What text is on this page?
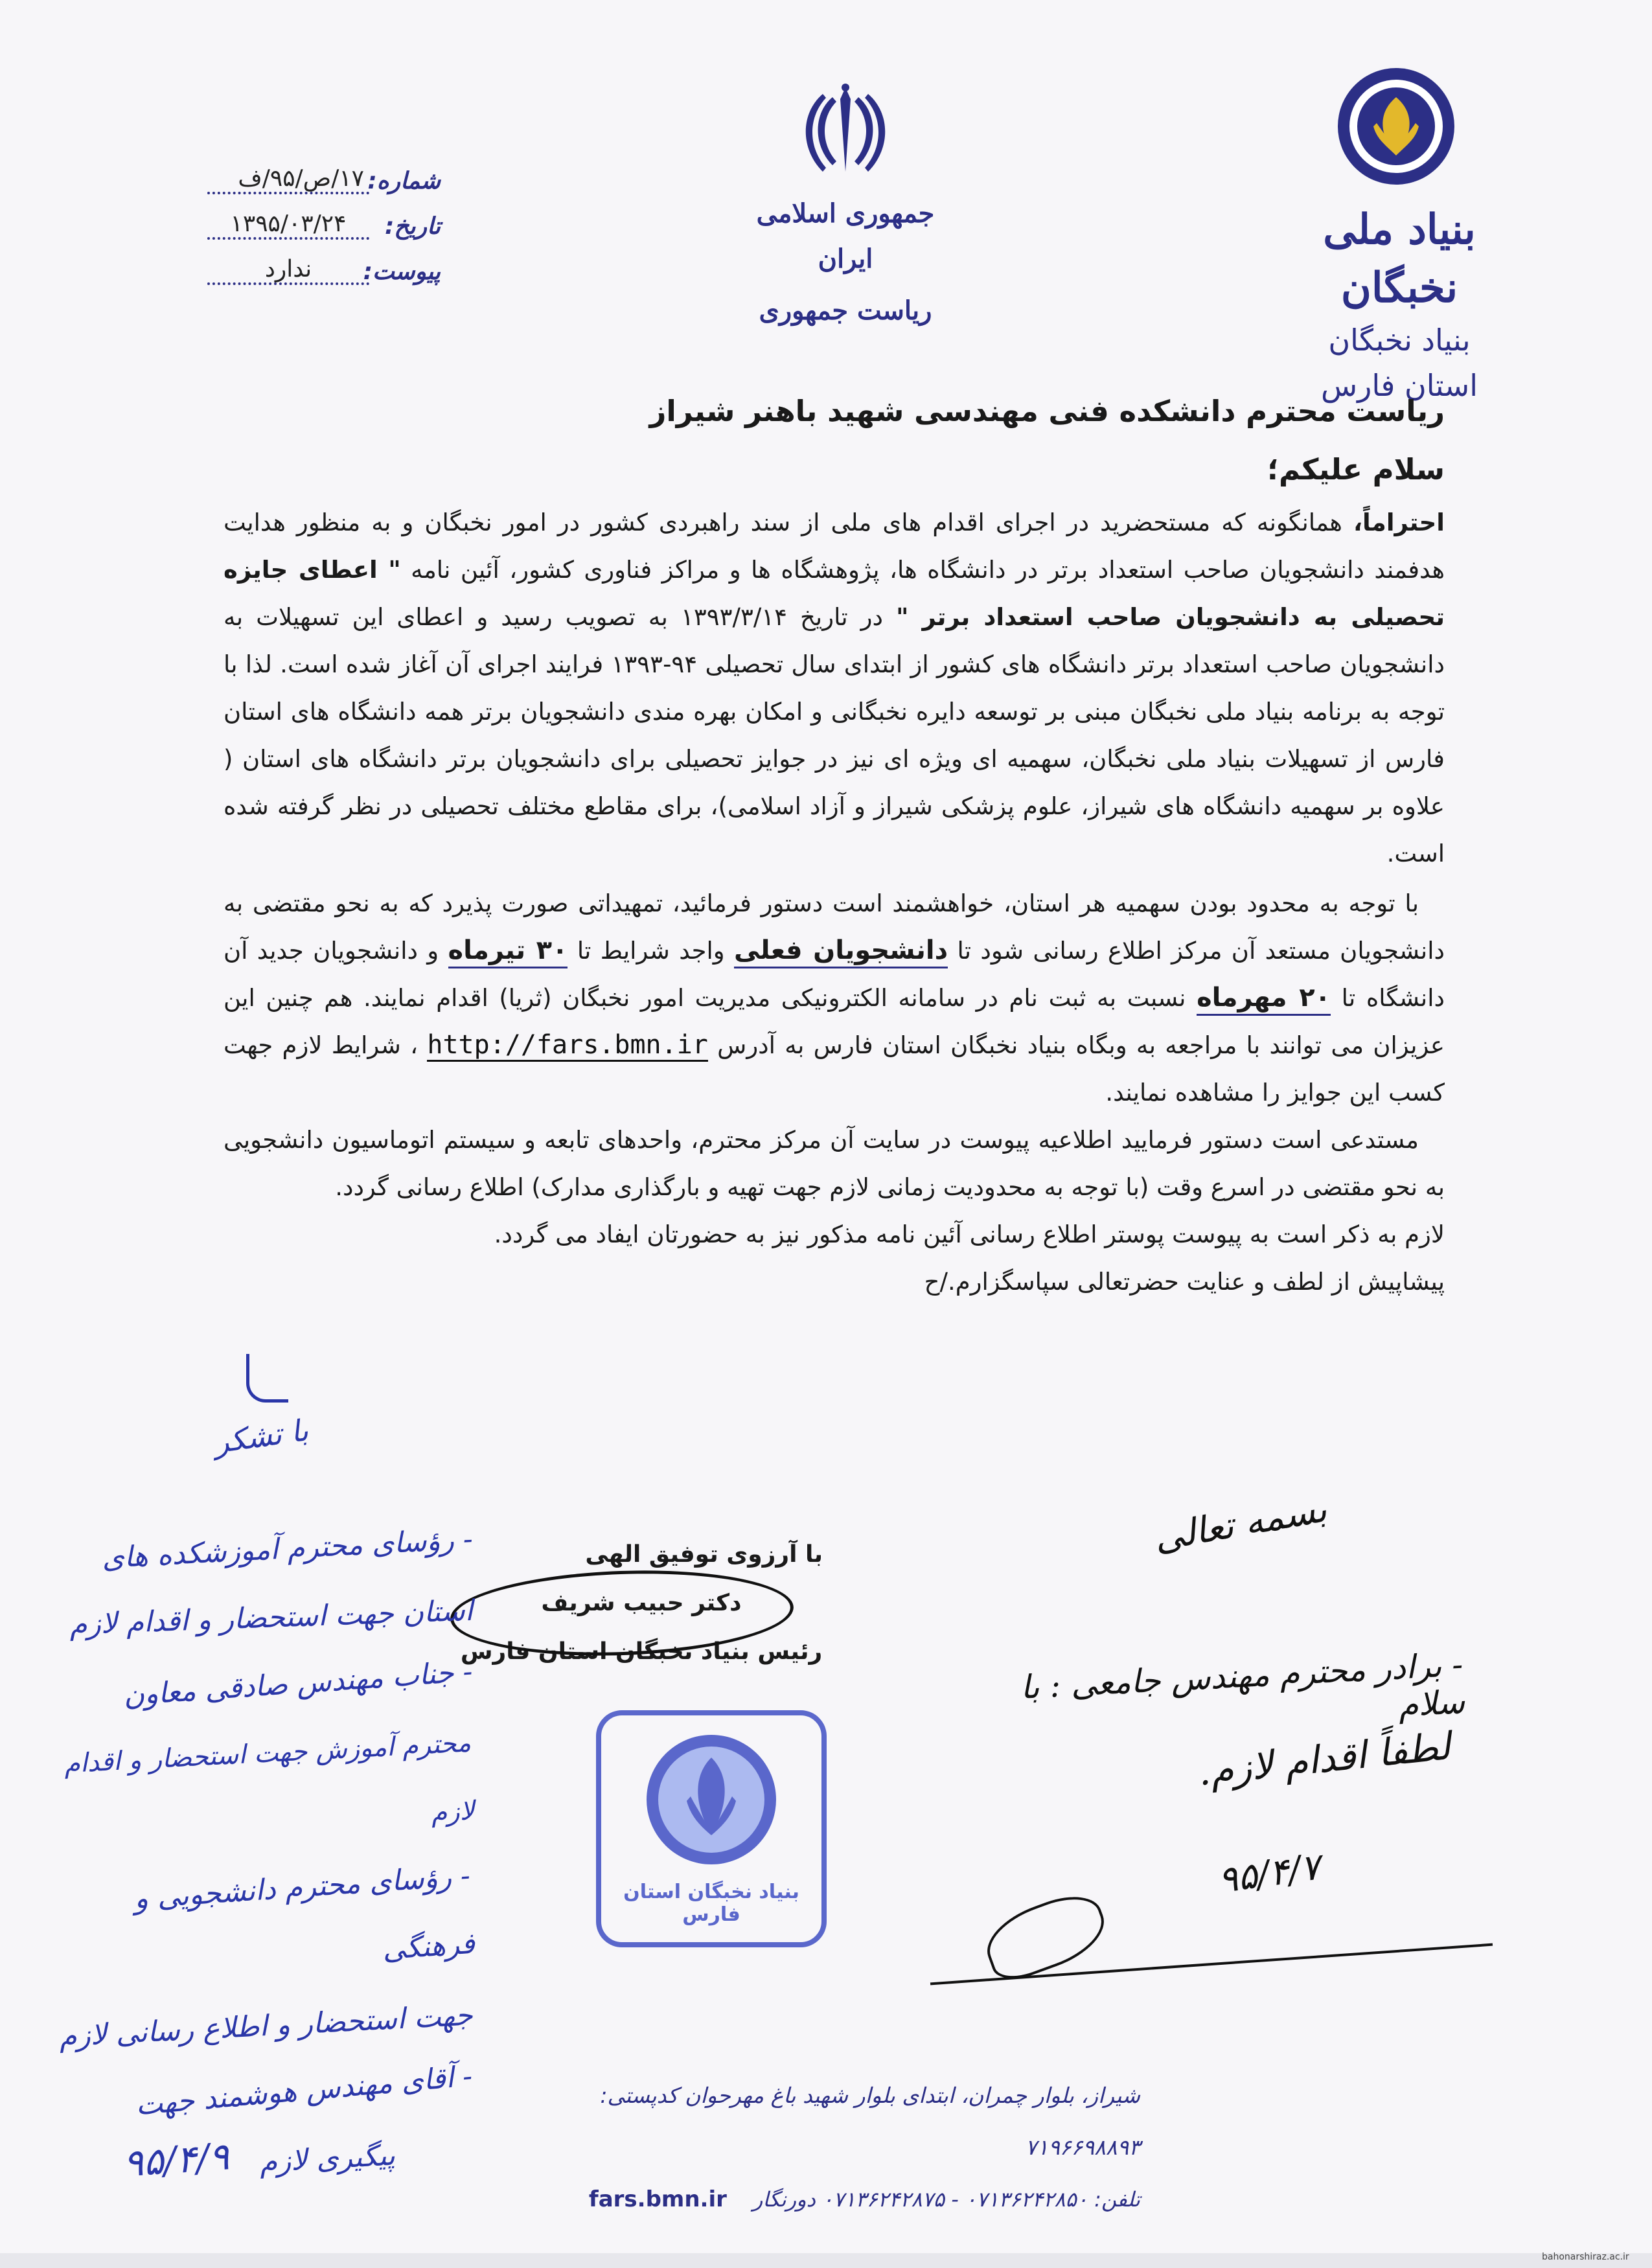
بنیاد ملی نخبگان
بنیاد نخبگان استان فارس
جمهوری اسلامی ایران
ریاست جمهوری
شماره:
۱۷/ص/۹۵/ف
تاریخ:
۱۳۹۵/۰۳/۲۴
پیوست:
ندارد
ریاست محترم دانشکده فنی مهندسی شهید باهنر شیراز
سلام علیکم؛

احتراماً، همانگونه که مستحضرید در اجرای اقدام های ملی از سند راهبردی کشور در امور نخبگان و به منظور هدایت هدفمند دانشجویان صاحب استعداد برتر در دانشگاه ها، پژوهشگاه ها و مراکز فناوری کشور، آئین نامه " اعطای جایزه تحصیلی به دانشجویان صاحب استعداد برتر " در تاریخ ۱۳۹۳/۳/۱۴ به تصویب رسید و اعطای این تسهیلات به دانشجویان صاحب استعداد برتر دانشگاه های کشور از ابتدای سال تحصیلی ۹۴-۱۳۹۳ فرایند اجرای آن آغاز شده است. لذا با توجه به برنامه بنیاد ملی نخبگان مبنی بر توسعه دایره نخبگانی و امکان بهره مندی دانشجویان برتر همه دانشگاه های استان فارس از تسهیلات بنیاد ملی نخبگان، سهمیه ای ویژه ای نیز در جوایز تحصیلی برای دانشجویان برتر دانشگاه های استان ( علاوه بر سهمیه دانشگاه های شیراز، علوم پزشکی شیراز و آزاد اسلامی)، برای مقاطع مختلف تحصیلی در نظر گرفته شده است.

با توجه به محدود بودن سهمیه هر استان، خواهشمند است دستور فرمائید، تمهیداتی صورت پذیرد که به نحو مقتضی به دانشجویان مستعد آن مرکز اطلاع رسانی شود تا دانشجویان فعلی واجد شرایط تا ۳۰ تیرماه و دانشجویان جدید آن دانشگاه تا ۲۰ مهرماه نسبت به ثبت نام در سامانه الکترونیکی مدیریت امور نخبگان (ثریا) اقدام نمایند. هم چنین این عزیزان می توانند با مراجعه به وبگاه بنیاد نخبگان استان فارس به آدرس http://fars.bmn.ir ، شرایط لازم جهت کسب این جوایز را مشاهده نمایند.

مستدعی است دستور فرمایید اطلاعیه پیوست در سایت آن مرکز محترم، واحدهای تابعه و سیستم اتوماسیون دانشجویی به نحو مقتضی در اسرع وقت (با توجه به محدودیت زمانی لازم جهت تهیه و بارگذاری مدارک) اطلاع رسانی گردد.

لازم به ذکر است به پیوست پوستر اطلاع رسانی آئین نامه مذکور نیز به حضورتان ایفاد می گردد.

پیشاپیش از لطف و عنایت حضرتعالی سپاسگزارم./ح

با آرزوی توفیق الهی
دکتر حبیب شریف
رئیس بنیاد نخبگان استان فارس
بنیاد نخبگان استان فارس
با تشکر
بسمه تعالی
- برادر محترم مهندس جامعی : با سلام
لطفاً اقدام لازم.
۹۵/۴/۷
- رؤسای محترم آموزشکده های
استان جهت استحضار و اقدام لازم
- جناب مهندس صادقی معاون
محترم آموزش جهت استحضار و اقدام لازم
- رؤسای محترم دانشجویی و فرهنگی
جهت استحضار و اطلاع رسانی لازم
- آقای مهندس هوشمند جهت
پیگیری لازم
۹۵/۴/۹
شیراز، بلوار چمران، ابتدای بلوار شهید باغ مهرحوان کدپستی: ۷۱۹۶۶۹۸۸۹۳
تلفن: ۰۷۱۳۶۲۴۲۸۵۰ - ۰۷۱۳۶۲۴۲۸۷۵ دورنگار
fars.bmn.ir
bahonarshiraz.ac.ir
